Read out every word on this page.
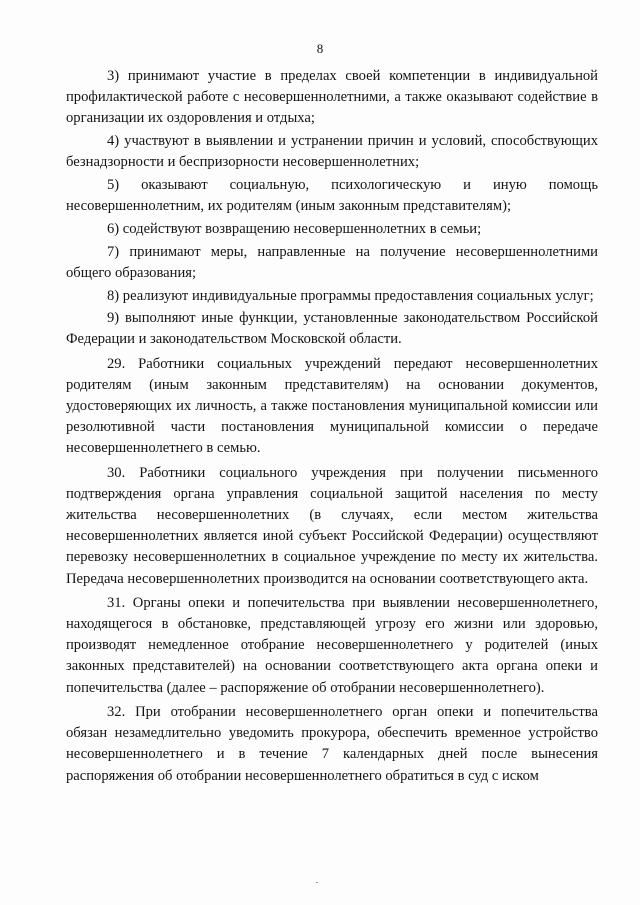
8

3) принимают участие в пределах своей компетенции в индивидуальной профилактической работе с несовершеннолетними, а также оказывают содействие в организации их оздоровления и отдыха;

4) участвуют в выявлении и устранении причин и условий, способствующих безнадзорности и беспризорности несовершеннолетних;

5) оказывают социальную, психологическую и иную помощь несовершеннолетним, их родителям (иным законным представителям);

6) содействуют возвращению несовершеннолетних в семьи;

7) принимают меры, направленные на получение несовершеннолетними общего образования;

8) реализуют индивидуальные программы предоставления социальных услуг;

9) выполняют иные функции, установленные законодательством Российской Федерации и законодательством Московской области.

29. Работники социальных учреждений передают несовершеннолетних родителям (иным законным представителям) на основании документов, удостоверяющих их личность, а также постановления муниципальной комиссии или резолютивной части постановления муниципальной комиссии о передаче несовершеннолетнего в семью.

30. Работники социального учреждения при получении письменного подтверждения органа управления социальной защитой населения по месту жительства несовершеннолетних (в случаях, если местом жительства несовершеннолетних является иной субъект Российской Федерации) осуществляют перевозку несовершеннолетних в социальное учреждение по месту их жительства. Передача несовершеннолетних производится на основании соответствующего акта.

31. Органы опеки и попечительства при выявлении несовершеннолетнего, находящегося в обстановке, представляющей угрозу его жизни или здоровью, производят немедленное отобрание несовершеннолетнего у родителей (иных законных представителей) на основании соответствующего акта органа опеки и попечительства (далее – распоряжение об отобрании несовершеннолетнего).

32. При отобрании несовершеннолетнего орган опеки и попечительства обязан незамедлительно уведомить прокурора, обеспечить временное устройство несовершеннолетнего и в течение 7 календарных дней после вынесения распоряжения об отобрании несовершеннолетнего обратиться в суд с иском
